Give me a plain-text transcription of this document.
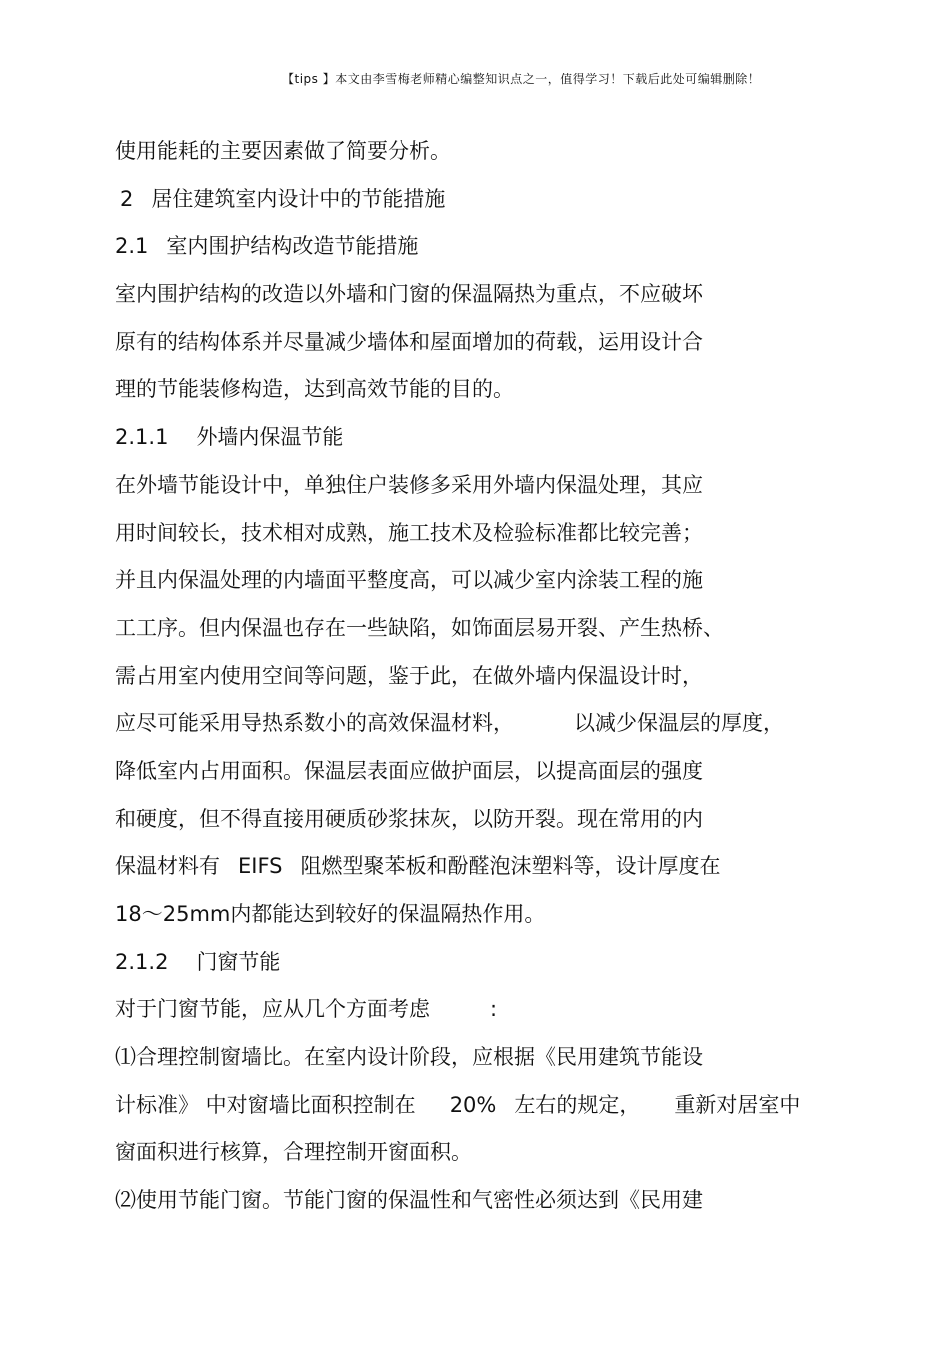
【tips 】本文由李雪梅老师精心编整知识点之一，值得学习！下载后此处可编辑删除！
使用能耗的主要因素做了简要分析。
2 居住建筑室内设计中的节能措施
2.1 室内围护结构改造节能措施
室内围护结构的改造以外墙和门窗的保温隔热为重点，不应破坏
原有的结构体系并尽量减少墙体和屋面增加的荷载，运用设计合
理的节能装修构造，达到高效节能的目的。
2.1.1 外墙内保温节能
在外墙节能设计中，单独住户装修多采用外墙内保温处理，其应
用时间较长，技术相对成熟，施工技术及检验标准都比较完善；
并且内保温处理的内墙面平整度高，可以减少室内涂装工程的施
工工序。但内保温也存在一些缺陷，如饰面层易开裂、产生热桥、
需占用室内使用空间等问题，鉴于此，在做外墙内保温设计时，
应尽可能采用导热系数小的高效保温材料，	以减少保温层的厚度，
降低室内占用面积。保温层表面应做护面层，以提高面层的强度
和硬度，但不得直接用硬质砂浆抹灰，以防开裂。现在常用的内
保温材料有 EIFS 阻燃型聚苯板和酚醛泡沫塑料等，设计厚度在
18～25mm内都能达到较好的保温隔热作用。
2.1.2 门窗节能
对于门窗节能，应从几个方面考虑	:
⑴合理控制窗墙比。在室内设计阶段，应根据《民用建筑节能设
计标准》 中对窗墙比面积控制在 20% 左右的规定， 重新对居室中
窗面积进行核算，合理控制开窗面积。
⑵使用节能门窗。节能门窗的保温性和气密性必须达到《民用建
